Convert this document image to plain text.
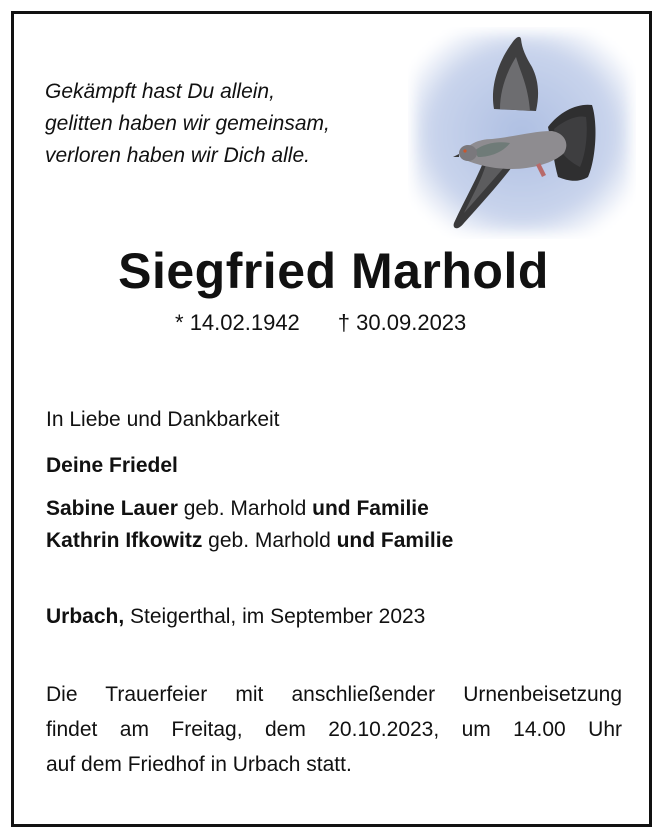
Gekämpft hast Du allein,
gelitten haben wir gemeinsam,
verloren haben wir Dich alle.
Siegfried Marhold
* 14.02.1942 † 30.09.2023
In Liebe und Dankbarkeit
Deine Friedel
Sabine Lauer geb. Marhold und Familie
Kathrin Ifkowitz geb. Marhold und Familie
Urbach, Steigerthal, im September 2023
Die Trauerfeier mit anschließender Urnenbeisetzung
findet am Freitag, dem 20.10.2023, um 14.00 Uhr
auf dem Friedhof in Urbach statt.
